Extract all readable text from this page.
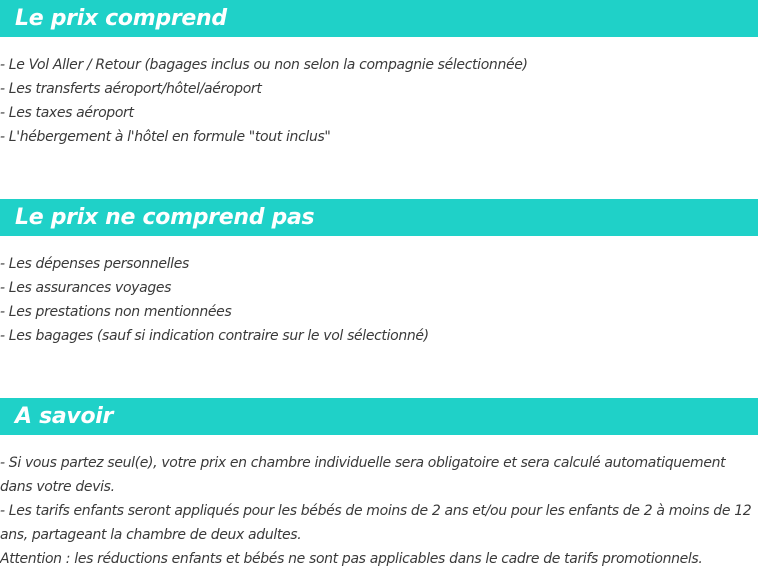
Le prix comprend
- Le Vol Aller / Retour (bagages inclus ou non selon la compagnie sélectionnée)
- Les transferts aéroport/hôtel/aéroport
- Les taxes aéroport
- L'hébergement à l'hôtel en formule "tout inclus"
Le prix ne comprend pas
- Les dépenses personnelles
- Les assurances voyages
- Les prestations non mentionnées
- Les bagages (sauf si indication contraire sur le vol sélectionné)
A savoir
- Si vous partez seul(e), votre prix en chambre individuelle sera obligatoire et sera calculé automatiquement dans votre devis.
- Les tarifs enfants seront appliqués pour les bébés de moins de 2 ans et/ou pour les enfants de 2 à moins de 12 ans, partageant la chambre de deux adultes.
Attention : les réductions enfants et bébés ne sont pas applicables dans le cadre de tarifs promotionnels.
